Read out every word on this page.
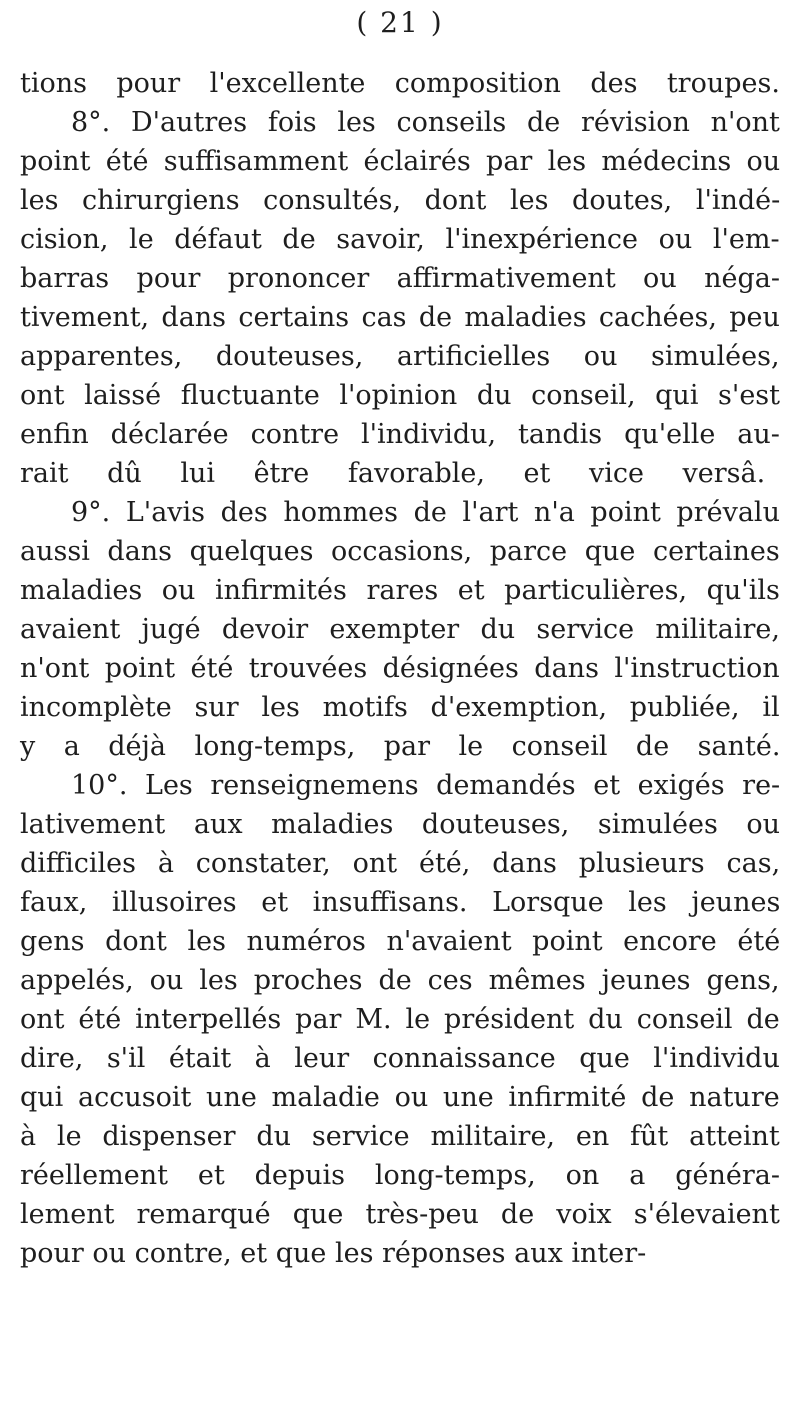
( 21 )
tions pour l'excellente composition des troupes.
8°. D'autres fois les conseils de révision n'ont
point été suffisamment éclairés par les médecins ou
les chirurgiens consultés, dont les doutes, l'indé-
cision, le défaut de savoir, l'inexpérience ou l'em-
barras pour prononcer affirmativement ou néga-
tivement, dans certains cas de maladies cachées, peu
apparentes, douteuses, artificielles ou simulées,
ont laissé fluctuante l'opinion du conseil, qui s'est
enfin déclarée contre l'individu, tandis qu'elle au-
rait dû lui être favorable, et vice versâ.
9°. L'avis des hommes de l'art n'a point prévalu
aussi dans quelques occasions, parce que certaines
maladies ou infirmités rares et particulières, qu'ils
avaient jugé devoir exempter du service militaire,
n'ont point été trouvées désignées dans l'instruction
incomplète sur les motifs d'exemption, publiée, il
y a déjà long-temps, par le conseil de santé.
10°. Les renseignemens demandés et exigés re-
lativement aux maladies douteuses, simulées ou
difficiles à constater, ont été, dans plusieurs cas,
faux, illusoires et insuffisans. Lorsque les jeunes
gens dont les numéros n'avaient point encore été
appelés, ou les proches de ces mêmes jeunes gens,
ont été interpellés par M. le président du conseil de
dire, s'il était à leur connaissance que l'individu
qui accusoit une maladie ou une infirmité de nature
à le dispenser du service militaire, en fût atteint
réellement et depuis long-temps, on a généra-
lement remarqué que très-peu de voix s'élevaient
pour ou contre, et que les réponses aux inter-
